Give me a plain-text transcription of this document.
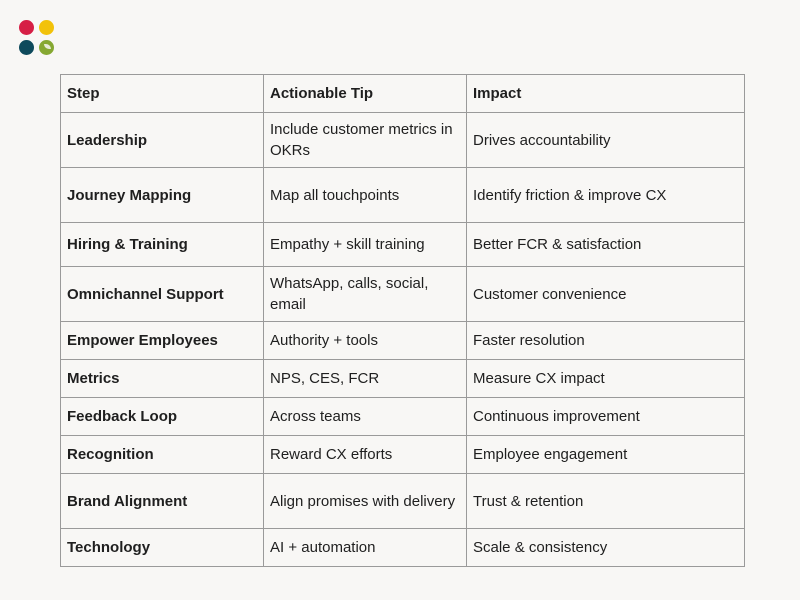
Step	Actionable Tip	Impact
Leadership	Include customer metrics in OKRs	Drives accountability
Journey Mapping	Map all touchpoints	Identify friction & improve CX
Hiring & Training	Empathy + skill training	Better FCR & satisfaction
Omnichannel Support	WhatsApp, calls, social, email	Customer convenience
Empower Employees	Authority + tools	Faster resolution
Metrics	NPS, CES, FCR	Measure CX impact
Feedback Loop	Across teams	Continuous improvement
Recognition	Reward CX efforts	Employee engagement
Brand Alignment	Align promises with delivery	Trust & retention
Technology	AI + automation	Scale & consistency
